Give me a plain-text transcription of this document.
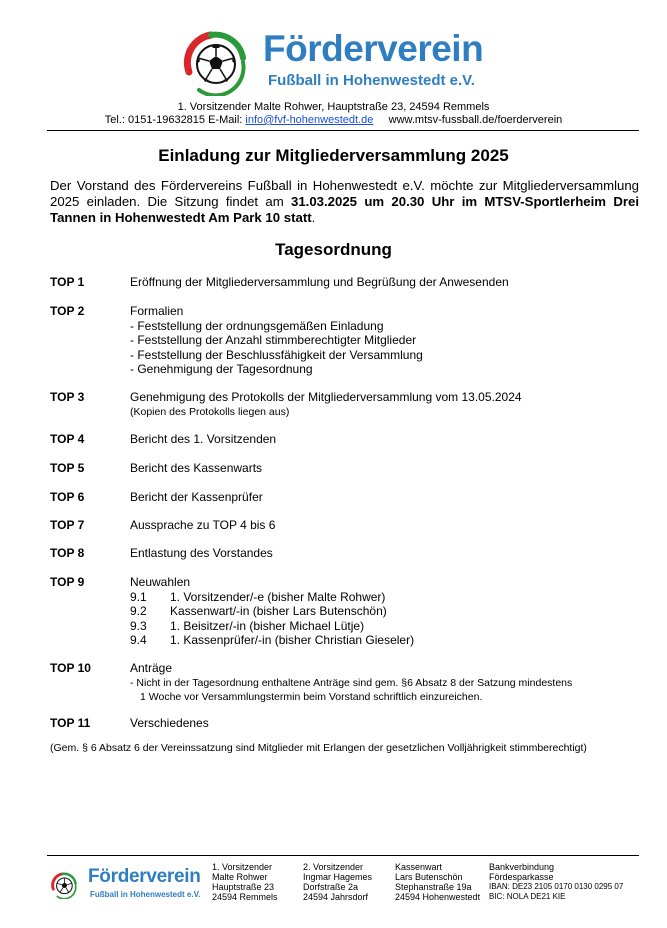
Förderverein
Fußball in Hohenwestedt e.V.
1. Vorsitzender Malte Rohwer, Hauptstraße 23, 24594 Remmels
Tel.: 0151-19632815 E-Mail: info@fvf-hohenwestedt.de www.mtsv-fussball.de/foerderverein
Einladung zur Mitgliederversammlung 2025
Der Vorstand des Fördervereins Fußball in Hohenwestedt e.V. möchte zur Mitgliederversammlung 2025 einladen. Die Sitzung findet am 31.03.2025 um 20.30 Uhr im MTSV-Sportlerheim Drei Tannen in Hohenwestedt Am Park 10 statt.
Tagesordnung
TOP 1	Eröffnung der Mitgliederversammlung und Begrüßung der Anwesenden
TOP 2	Formalien
- Feststellung der ordnungsgemäßen Einladung
- Feststellung der Anzahl stimmberechtigter Mitglieder
- Feststellung der Beschlussfähigkeit der Versammlung
- Genehmigung der Tagesordnung
TOP 3	Genehmigung des Protokolls der Mitgliederversammlung vom 13.05.2024
(Kopien des Protokolls liegen aus)
TOP 4	Bericht des 1. Vorsitzenden
TOP 5	Bericht des Kassenwarts
TOP 6	Bericht der Kassenprüfer
TOP 7	Aussprache zu TOP 4 bis 6
TOP 8	Entlastung des Vorstandes
TOP 9	Neuwahlen
9.1 1. Vorsitzender/-e (bisher Malte Rohwer)
9.2 Kassenwart/-in (bisher Lars Butenschön)
9.3 1. Beisitzer/-in (bisher Michael Lütje)
9.4 1. Kassenprüfer/-in (bisher Christian Gieseler)
TOP 10	Anträge
- Nicht in der Tagesordnung enthaltene Anträge sind gem. §6 Absatz 8 der Satzung mindestens
1 Woche vor Versammlungstermin beim Vorstand schriftlich einzureichen.
TOP 11	Verschiedenes
(Gem. § 6 Absatz 6 der Vereinssatzung sind Mitglieder mit Erlangen der gesetzlichen Volljährigkeit stimmberechtigt)
Förderverein
Fußball in Hohenwestedt e.V.
1. Vorsitzender
Malte Rohwer
Hauptstraße 23
24594 Remmels
2. Vorsitzender
Ingmar Hagemes
Dorfstraße 2a
24594 Jahrsdorf
Kassenwart
Lars Butenschön
Stephanstraße 19a
24594 Hohenwestedt
Bankverbindung
Fördesparkasse
IBAN: DE23 2105 0170 0130 0295 07
BIC: NOLA DE21 KIE
